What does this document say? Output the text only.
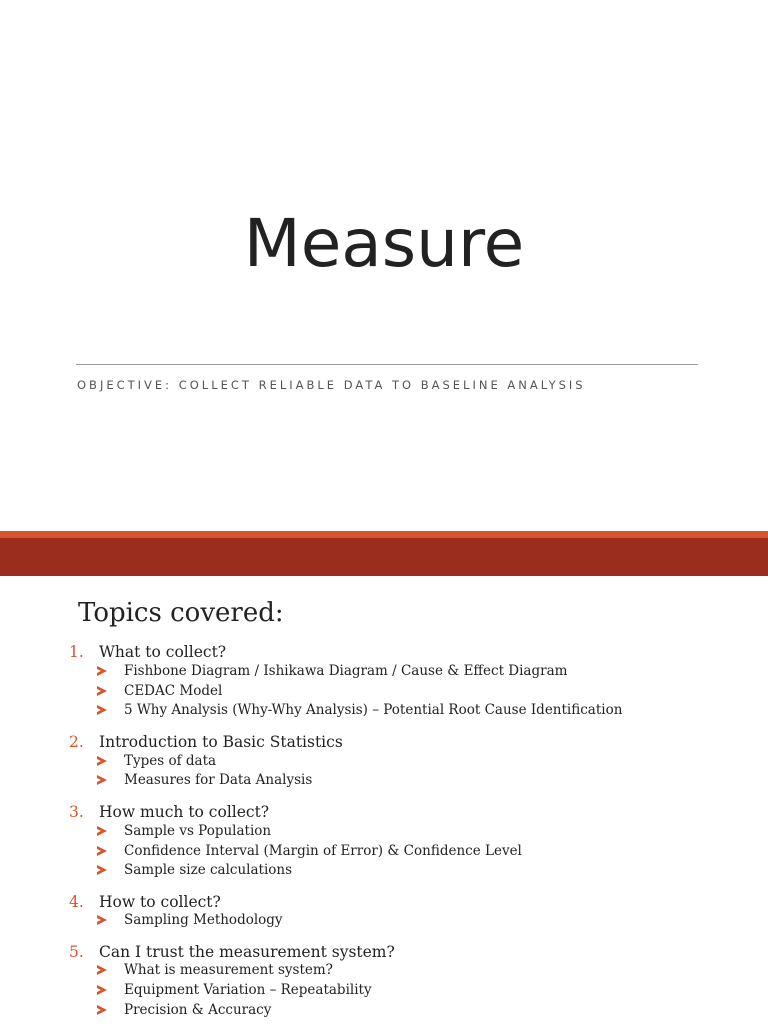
Measure
OBJECTIVE: COLLECT RELIABLE DATA TO BASELINE ANALYSIS
Topics covered:
1. What to collect?
Fishbone Diagram / Ishikawa Diagram / Cause & Effect Diagram
CEDAC Model
5 Why Analysis (Why-Why Analysis) – Potential Root Cause Identification
2. Introduction to Basic Statistics
Types of data
Measures for Data Analysis
3. How much to collect?
Sample vs Population
Confidence Interval (Margin of Error) & Confidence Level
Sample size calculations
4. How to collect?
Sampling Methodology
5. Can I trust the measurement system?
What is measurement system?
Equipment Variation – Repeatability
Precision & Accuracy
